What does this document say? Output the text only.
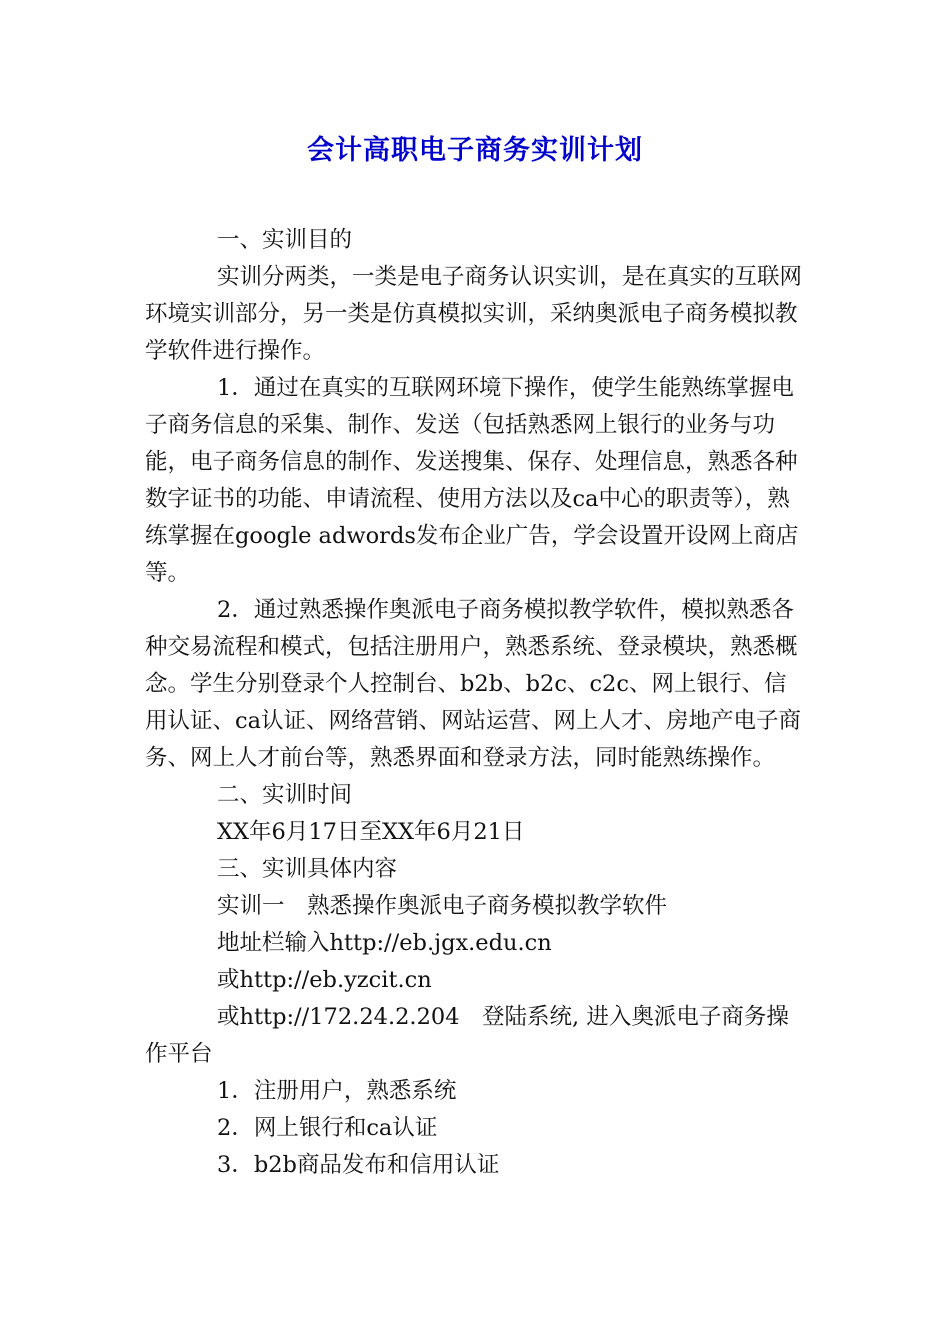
会计高职电子商务实训计划

一、实训目的

实训分两类，一类是电子商务认识实训，是在真实的互联网环境实训部分，另一类是仿真模拟实训，采纳奥派电子商务模拟教学软件进行操作。

1．通过在真实的互联网环境下操作，使学生能熟练掌握电子商务信息的采集、制作、发送（包括熟悉网上银行的业务与功能，电子商务信息的制作、发送搜集、保存、处理信息，熟悉各种数字证书的功能、申请流程、使用方法以及ca中心的职责等），熟练掌握在google adwords发布企业广告，学会设置开设网上商店等。

2．通过熟悉操作奥派电子商务模拟教学软件，模拟熟悉各种交易流程和模式，包括注册用户，熟悉系统、登录模块，熟悉概念。学生分别登录个人控制台、b2b、b2c、c2c、网上银行、信用认证、ca认证、网络营销、网站运营、网上人才、房地产电子商务、网上人才前台等，熟悉界面和登录方法，同时能熟练操作。

二、实训时间

XX年6月17日至XX年6月21日

三、实训具体内容

实训一　熟悉操作奥派电子商务模拟教学软件

地址栏输入http://eb.jgx.edu.cn

或http://eb.yzcit.cn

或http://172.24.2.204　登陆系统, 进入奥派电子商务操作平台

1．注册用户，熟悉系统

2．网上银行和ca认证

3．b2b商品发布和信用认证
